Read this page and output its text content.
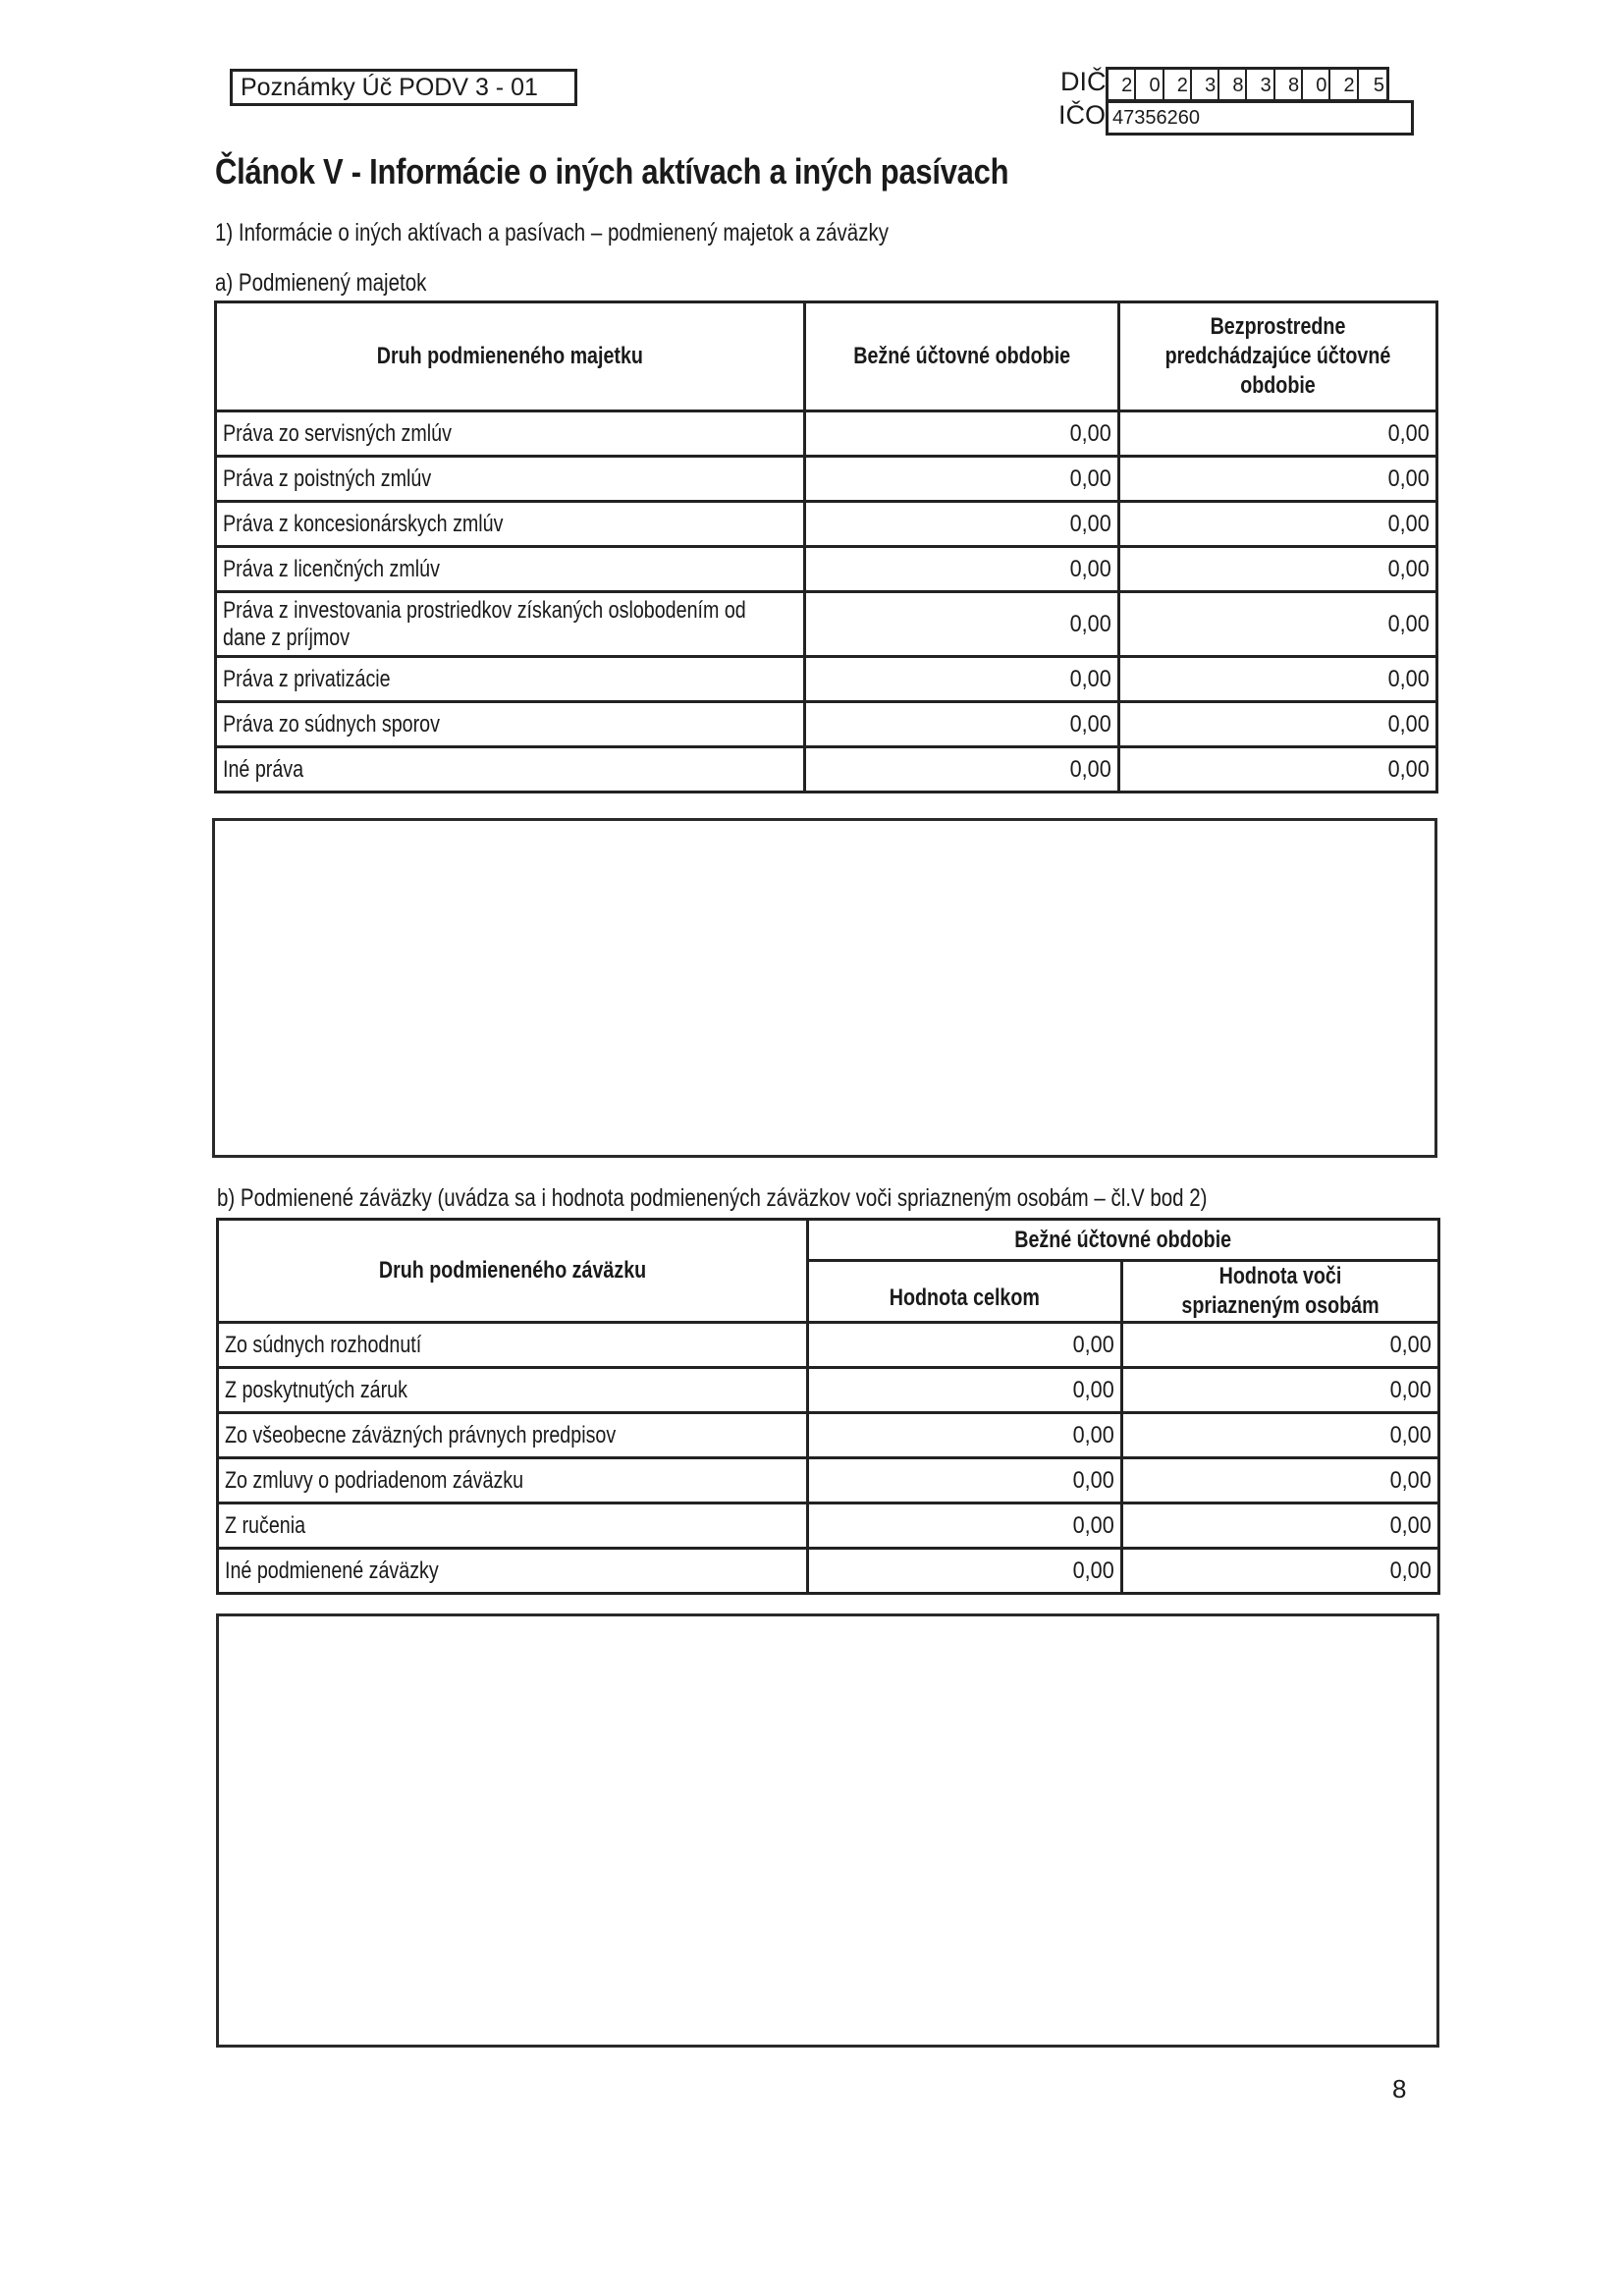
Poznámky Úč PODV 3 - 01	DIČ 2 0 2 3 8 3 8 0 2 5
IČO 47356260
Článok V - Informácie o iných aktívach a iných pasívach
1) Informácie o iných aktívach a pasívach – podmienený majetok a záväzky
a) Podmienený majetok
Druh podmieneného majetku	Bežné účtovné obdobie	Bezprostredne predchádzajúce účtovné obdobie

Práva zo servisných zmlúv	0,00	0,00
Práva z poistných zmlúv	0,00	0,00
Práva z koncesionárskych zmlúv	0,00	0,00
Práva z licenčných zmlúv	0,00	0,00

Práva z investovania prostriedkov získaných oslobodením od dane z príjmov	0,00	0,00
Práva z privatizácie	0,00	0,00
Práva zo súdnych sporov	0,00	0,00
Iné práva	0,00	0,00
b) Podmienené záväzky (uvádza sa i hodnota podmienených záväzkov voči spriazneným osobám – čl.V bod 2)
Druh podmieneného záväzku	Bežné účtovné obdobie	
	Hodnota celkom	Hodnota voči spriazneným osobám

Zo súdnych rozhodnutí	0,00	0,00
Z poskytnutých záruk	0,00	0,00
Zo všeobecne záväzných právnych predpisov	0,00	0,00
Zo zmluvy o podriadenom záväzku	0,00	0,00
Z ručenia	0,00	0,00
Iné podmienené záväzky	0,00	0,00
8
